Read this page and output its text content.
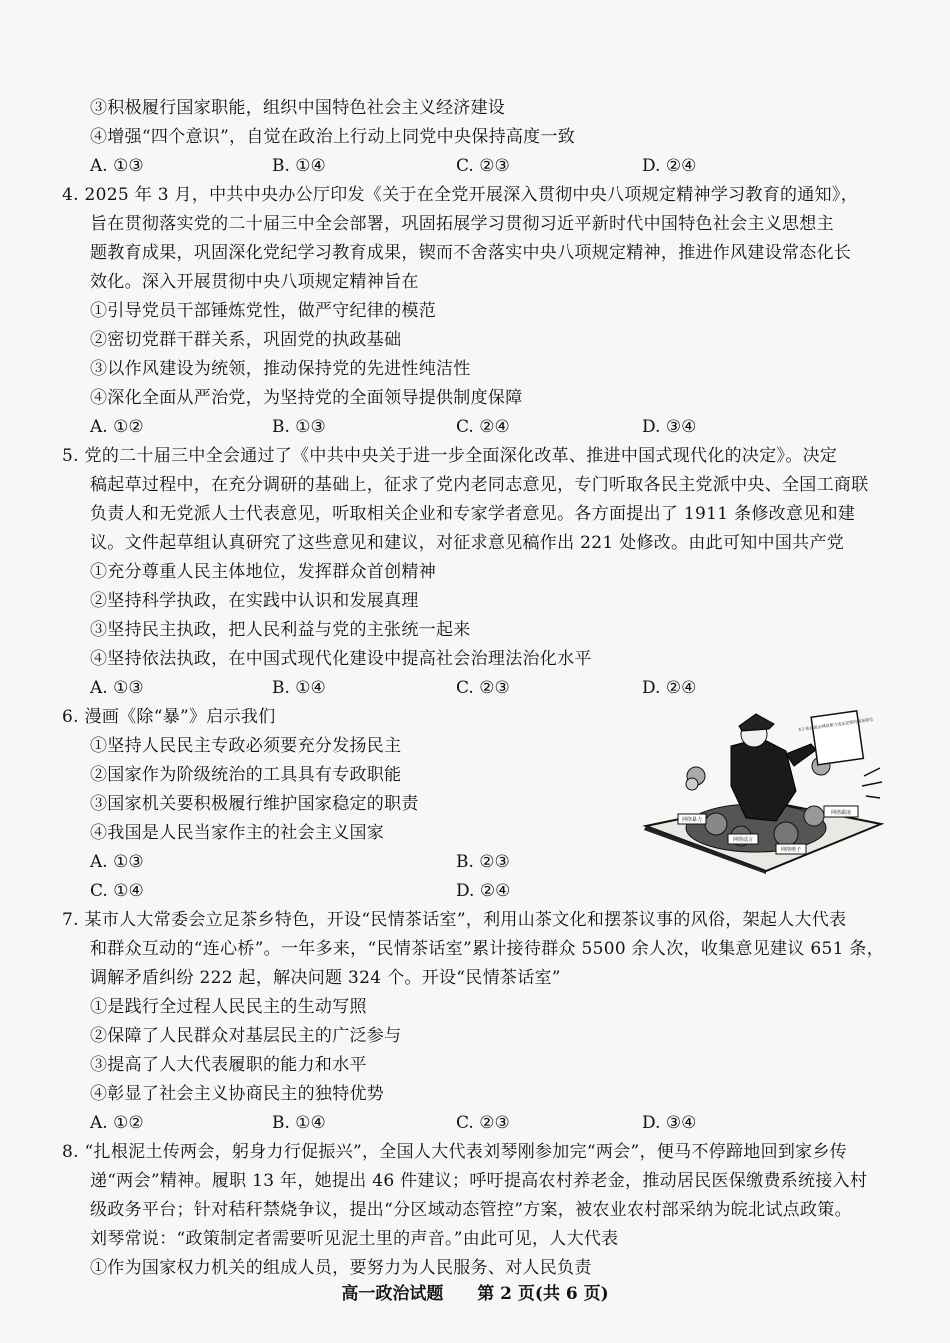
③积极履行国家职能，组织中国特色社会主义经济建设
④增强“四个意识”，自觉在政治上行动上同党中央保持高度一致
A. ①③	B. ①④	C. ②③	D. ②④
4. 2025 年 3 月，中共中央办公厅印发《关于在全党开展深入贯彻中央八项规定精神学习教育的通知》，
旨在贯彻落实党的二十届三中全会部署，巩固拓展学习贯彻习近平新时代中国特色社会主义思想主
题教育成果，巩固深化党纪学习教育成果，锲而不舍落实中央八项规定精神，推进作风建设常态化长
效化。深入开展贯彻中央八项规定精神旨在
①引导党员干部锤炼党性，做严守纪律的模范
②密切党群干群关系，巩固党的执政基础
③以作风建设为统领，推动保持党的先进性纯洁性
④深化全面从严治党，为坚持党的全面领导提供制度保障
A. ①②	B. ①③	C. ②④	D. ③④
5. 党的二十届三中全会通过了《中共中央关于进一步全面深化改革、推进中国式现代化的决定》。决定
稿起草过程中，在充分调研的基础上，征求了党内老同志意见，专门听取各民主党派中央、全国工商联
负责人和无党派人士代表意见，听取相关企业和专家学者意见。各方面提出了 1911 条修改意见和建
议。文件起草组认真研究了这些意见和建议，对征求意见稿作出 221 处修改。由此可知中国共产党
①充分尊重人民主体地位，发挥群众首创精神
②坚持科学执政，在实践中认识和发展真理
③坚持民主执政，把人民利益与党的主张统一起来
④坚持依法执政，在中国式现代化建设中提高社会治理法治化水平
A. ①③	B. ①④	C. ②③	D. ②④
6. 漫画《除“暴”》启示我们
①坚持人民民主专政必须要充分发扬民主
②国家作为阶级统治的工具具有专政职能
③国家机关要积极履行维护国家稳定的职责
④我国是人民当家作主的社会主义国家
A. ①③	B. ②③
C. ①④	D. ②④
关于依法惩治网络暴力违法犯罪的指导意见
网络霸凌
网络暴力
网络谣言
网络喷子
7. 某市人大常委会立足茶乡特色，开设“民情茶话室”，利用山茶文化和摆茶议事的风俗，架起人大代表
和群众互动的“连心桥”。一年多来，“民情茶话室”累计接待群众 5500 余人次，收集意见建议 651 条，
调解矛盾纠纷 222 起，解决问题 324 个。开设“民情茶话室”
①是践行全过程人民民主的生动写照
②保障了人民群众对基层民主的广泛参与
③提高了人大代表履职的能力和水平
④彰显了社会主义协商民主的独特优势
A. ①②	B. ①④	C. ②③	D. ③④
8. “扎根泥土传两会，躬身力行促振兴”，全国人大代表刘琴刚参加完“两会”，便马不停蹄地回到家乡传
递“两会”精神。履职 13 年，她提出 46 件建议；呼吁提高农村养老金，推动居民医保缴费系统接入村
级政务平台；针对秸秆禁烧争议，提出“分区域动态管控”方案，被农业农村部采纳为皖北试点政策。
刘琴常说：“政策制定者需要听见泥土里的声音。”由此可见，人大代表
①作为国家权力机关的组成人员，要努力为人民服务、对人民负责
高一政治试题 第 2 页(共 6 页)
